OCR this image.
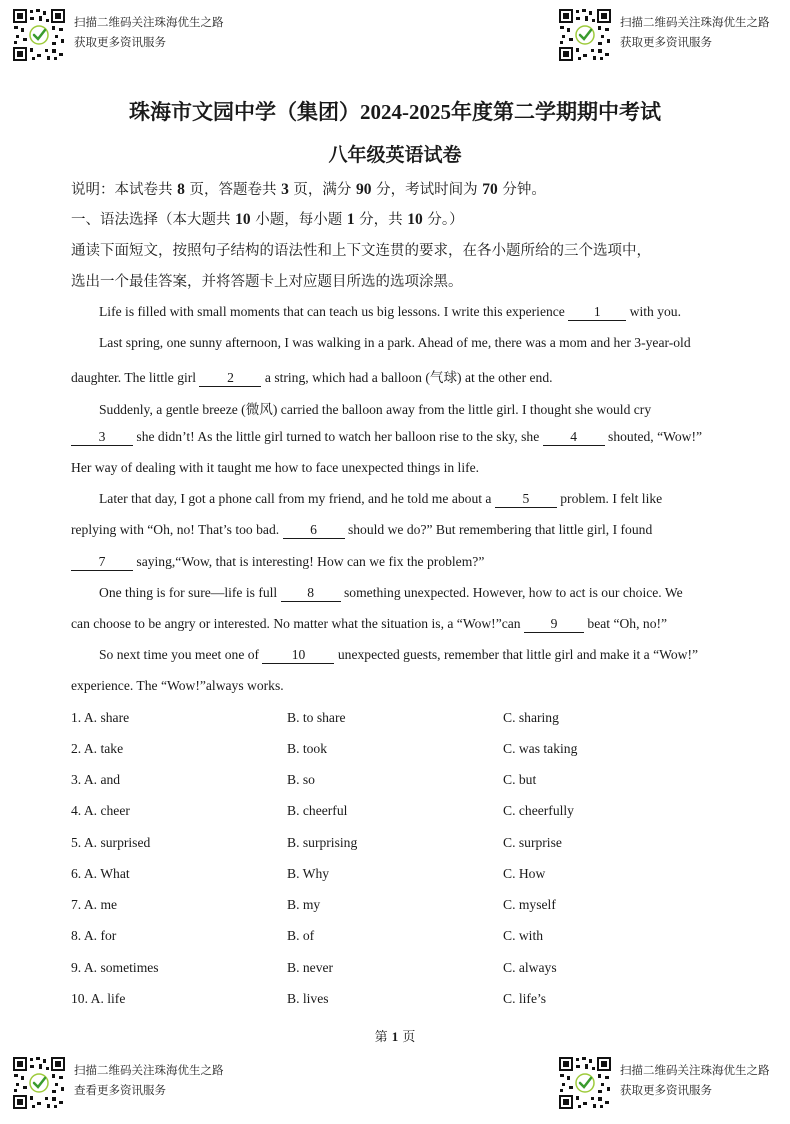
扫描二维码关注珠海优生之路
获取更多资讯服务
扫描二维码关注珠海优生之路
获取更多资讯服务
珠海市文园中学（集团）2024-2025年度第二学期期中考试
八年级英语试卷
说明：本试卷共 8 页，答题卷共 3 页，满分 90 分，考试时间为 70 分钟。
一、语法选择（本大题共 10 小题，每小题 1 分，共 10 分。）
通读下面短文，按照句子结构的语法性和上下文连贯的要求，在各小题所给的三个选项中，
选出一个最佳答案，并将答题卡上对应题目所选的选项涂黑。
Life is filled with small moments that can teach us big lessons. I write this experience 1 with you.
Last spring, one sunny afternoon, I was walking in a park. Ahead of me, there was a mom and her 3-year-old
daughter. The little girl 2 a string, which had a balloon (气球) at the other end.
Suddenly, a gentle breeze (微风) carried the balloon away from the little girl. I thought she would cry
3 she didn’t! As the little girl turned to watch her balloon rise to the sky, she 4 shouted, “Wow!”
Her way of dealing with it taught me how to face unexpected things in life.
Later that day, I got a phone call from my friend, and he told me about a 5 problem. I felt like
replying with “Oh, no! That’s too bad. 6 should we do?” But remembering that little girl, I found
7 saying,“Wow, that is interesting! How can we fix the problem?”
One thing is for sure—life is full 8 something unexpected. However, how to act is our choice. We
can choose to be angry or interested. No matter what the situation is, a “Wow!”can 9 beat “Oh, no!”
So next time you meet one of 10 unexpected guests, remember that little girl and make it a “Wow!”
experience. The “Wow!”always works.
1. A. share	B. to share	C. sharing
2. A. take	B. took	C. was taking
3. A. and	B. so	C. but
4. A. cheer	B. cheerful	C. cheerfully
5. A. surprised	B. surprising	C. surprise
6. A. What	B. Why	C. How
7. A. me	B. my	C. myself
8. A. for	B. of	C. with
9. A. sometimes	B. never	C. always
10. A. life	B. lives	C. life’s
第 1 页
扫描二维码关注珠海优生之路
查看更多资讯服务
扫描二维码关注珠海优生之路
获取更多资讯服务
